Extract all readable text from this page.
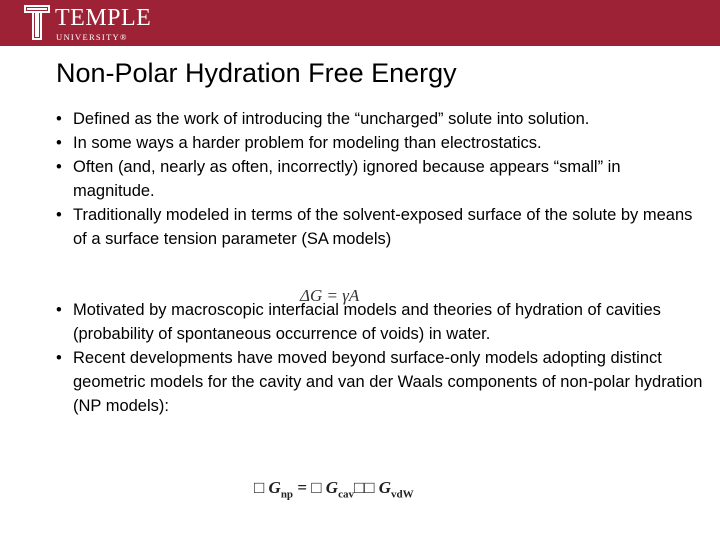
TEMPLE
UNIVERSITY®
Non-Polar Hydration Free Energy
• Defined as the work of introducing the “uncharged” solute into solution.
• In some ways a harder problem for modeling than electrostatics.
• Often (and, nearly as often, incorrectly) ignored because appears “small” in magnitude.
• Traditionally modeled in terms of the solvent-exposed surface of the solute by means of a surface tension parameter (SA models)
• Motivated by macroscopic interfacial models and theories of hydration of cavities (probability of spontaneous occurrence of voids) in water.
• Recent developments have moved beyond surface-only models adopting distinct geometric models for the cavity and van der Waals components of non-polar hydration (NP models):
ΔG = γA
□ $G_{np}$ = □ $G_{cav}□□$ $G_{vdW}$
